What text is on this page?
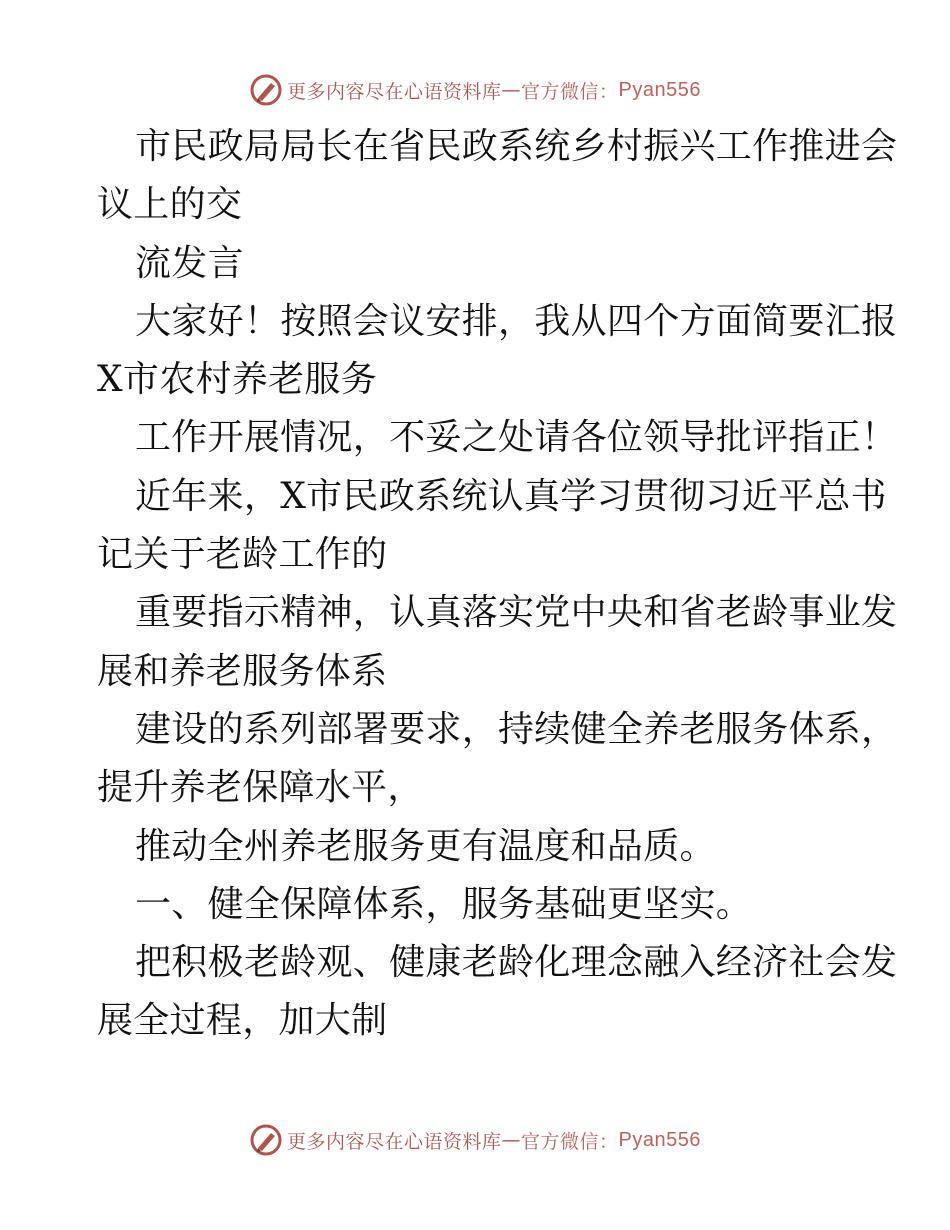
更多内容尽在心语资料库 — 官方微信： Pyan556

市民政局局长在省民政系统乡村振兴工作推进会

议上的交

流发言

大家好！按照会议安排，我从四个方面简要汇报

X市农村养老服务

工作开展情况，不妥之处请各位领导批评指正！

近年来，X市民政系统认真学习贯彻习近平总书

记关于老龄工作的

重要指示精神，认真落实党中央和省老龄事业发

展和养老服务体系

建设的系列部署要求，持续健全养老服务体系，

提升养老保障水平，

推动全州养老服务更有温度和品质。

一、健全保障体系，服务基础更坚实。

把积极老龄观、健康老龄化理念融入经济社会发

展全过程，加大制

更多内容尽在心语资料库 — 官方微信： Pyan556
